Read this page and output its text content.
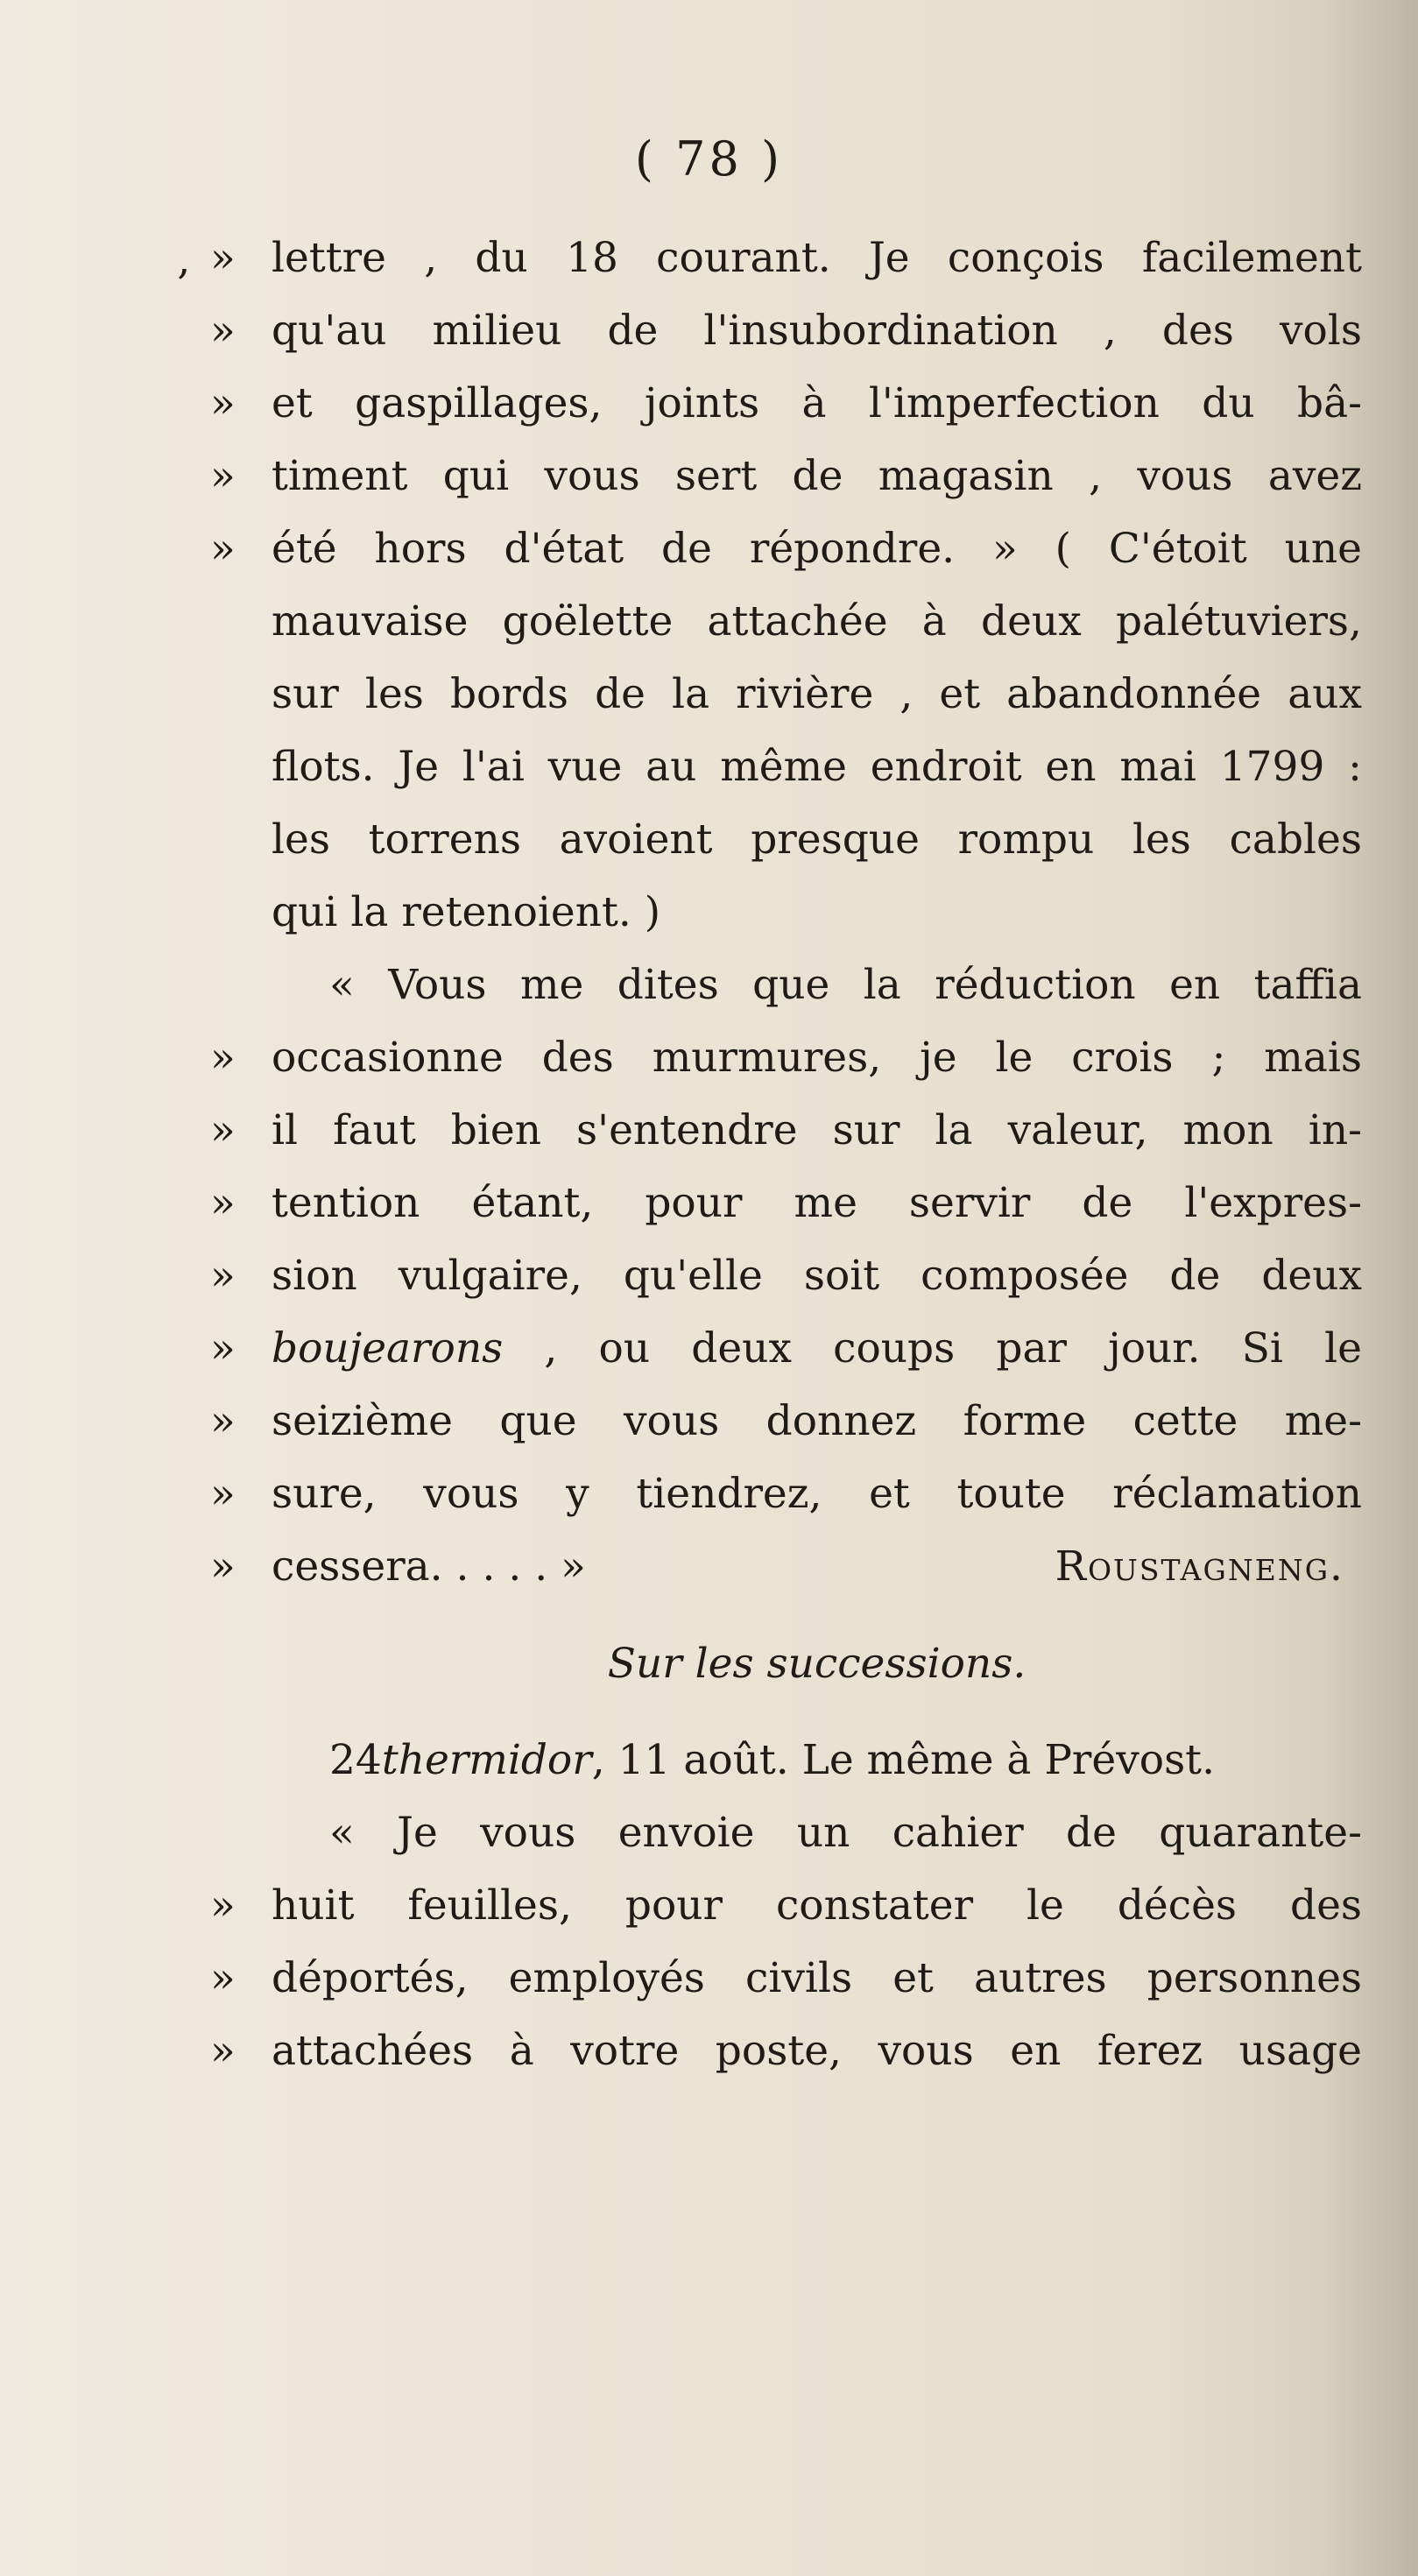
( 78 )
»
‚ lettre , du 18 courant. Je conçois facilement
» qu'au milieu de l'insubordination , des vols
» et gaspillages, joints à l'imperfection du bâ-
» timent qui vous sert de magasin , vous avez
» été hors d'état de répondre. » ( C'étoit une
mauvaise goëlette attachée à deux palétuviers,
sur les bords de la rivière , et abandonnée aux
flots. Je l'ai vue au même endroit en mai 1799 :
les torrens avoient presque rompu les cables
qui la retenoient. )
« Vous me dites que la réduction en taffia
» occasionne des murmures, je le crois ; mais
» il faut bien s'entendre sur la valeur, mon in-
» tention étant, pour me servir de l'expres-
» sion vulgaire, qu'elle soit composée de deux
» boujearons , ou deux coups par jour. Si le
» seizième que vous donnez forme cette me-
» sure, vous y tiendrez, et toute réclamation
» cessera. . . . . »	Roustagneng.
Sur les successions.
24thermidor, 11 août. Le même à Prévost.
« Je vous envoie un cahier de quarante-
» huit feuilles, pour constater le décès des
» déportés, employés civils et autres personnes
» attachées à votre poste, vous en ferez usage
